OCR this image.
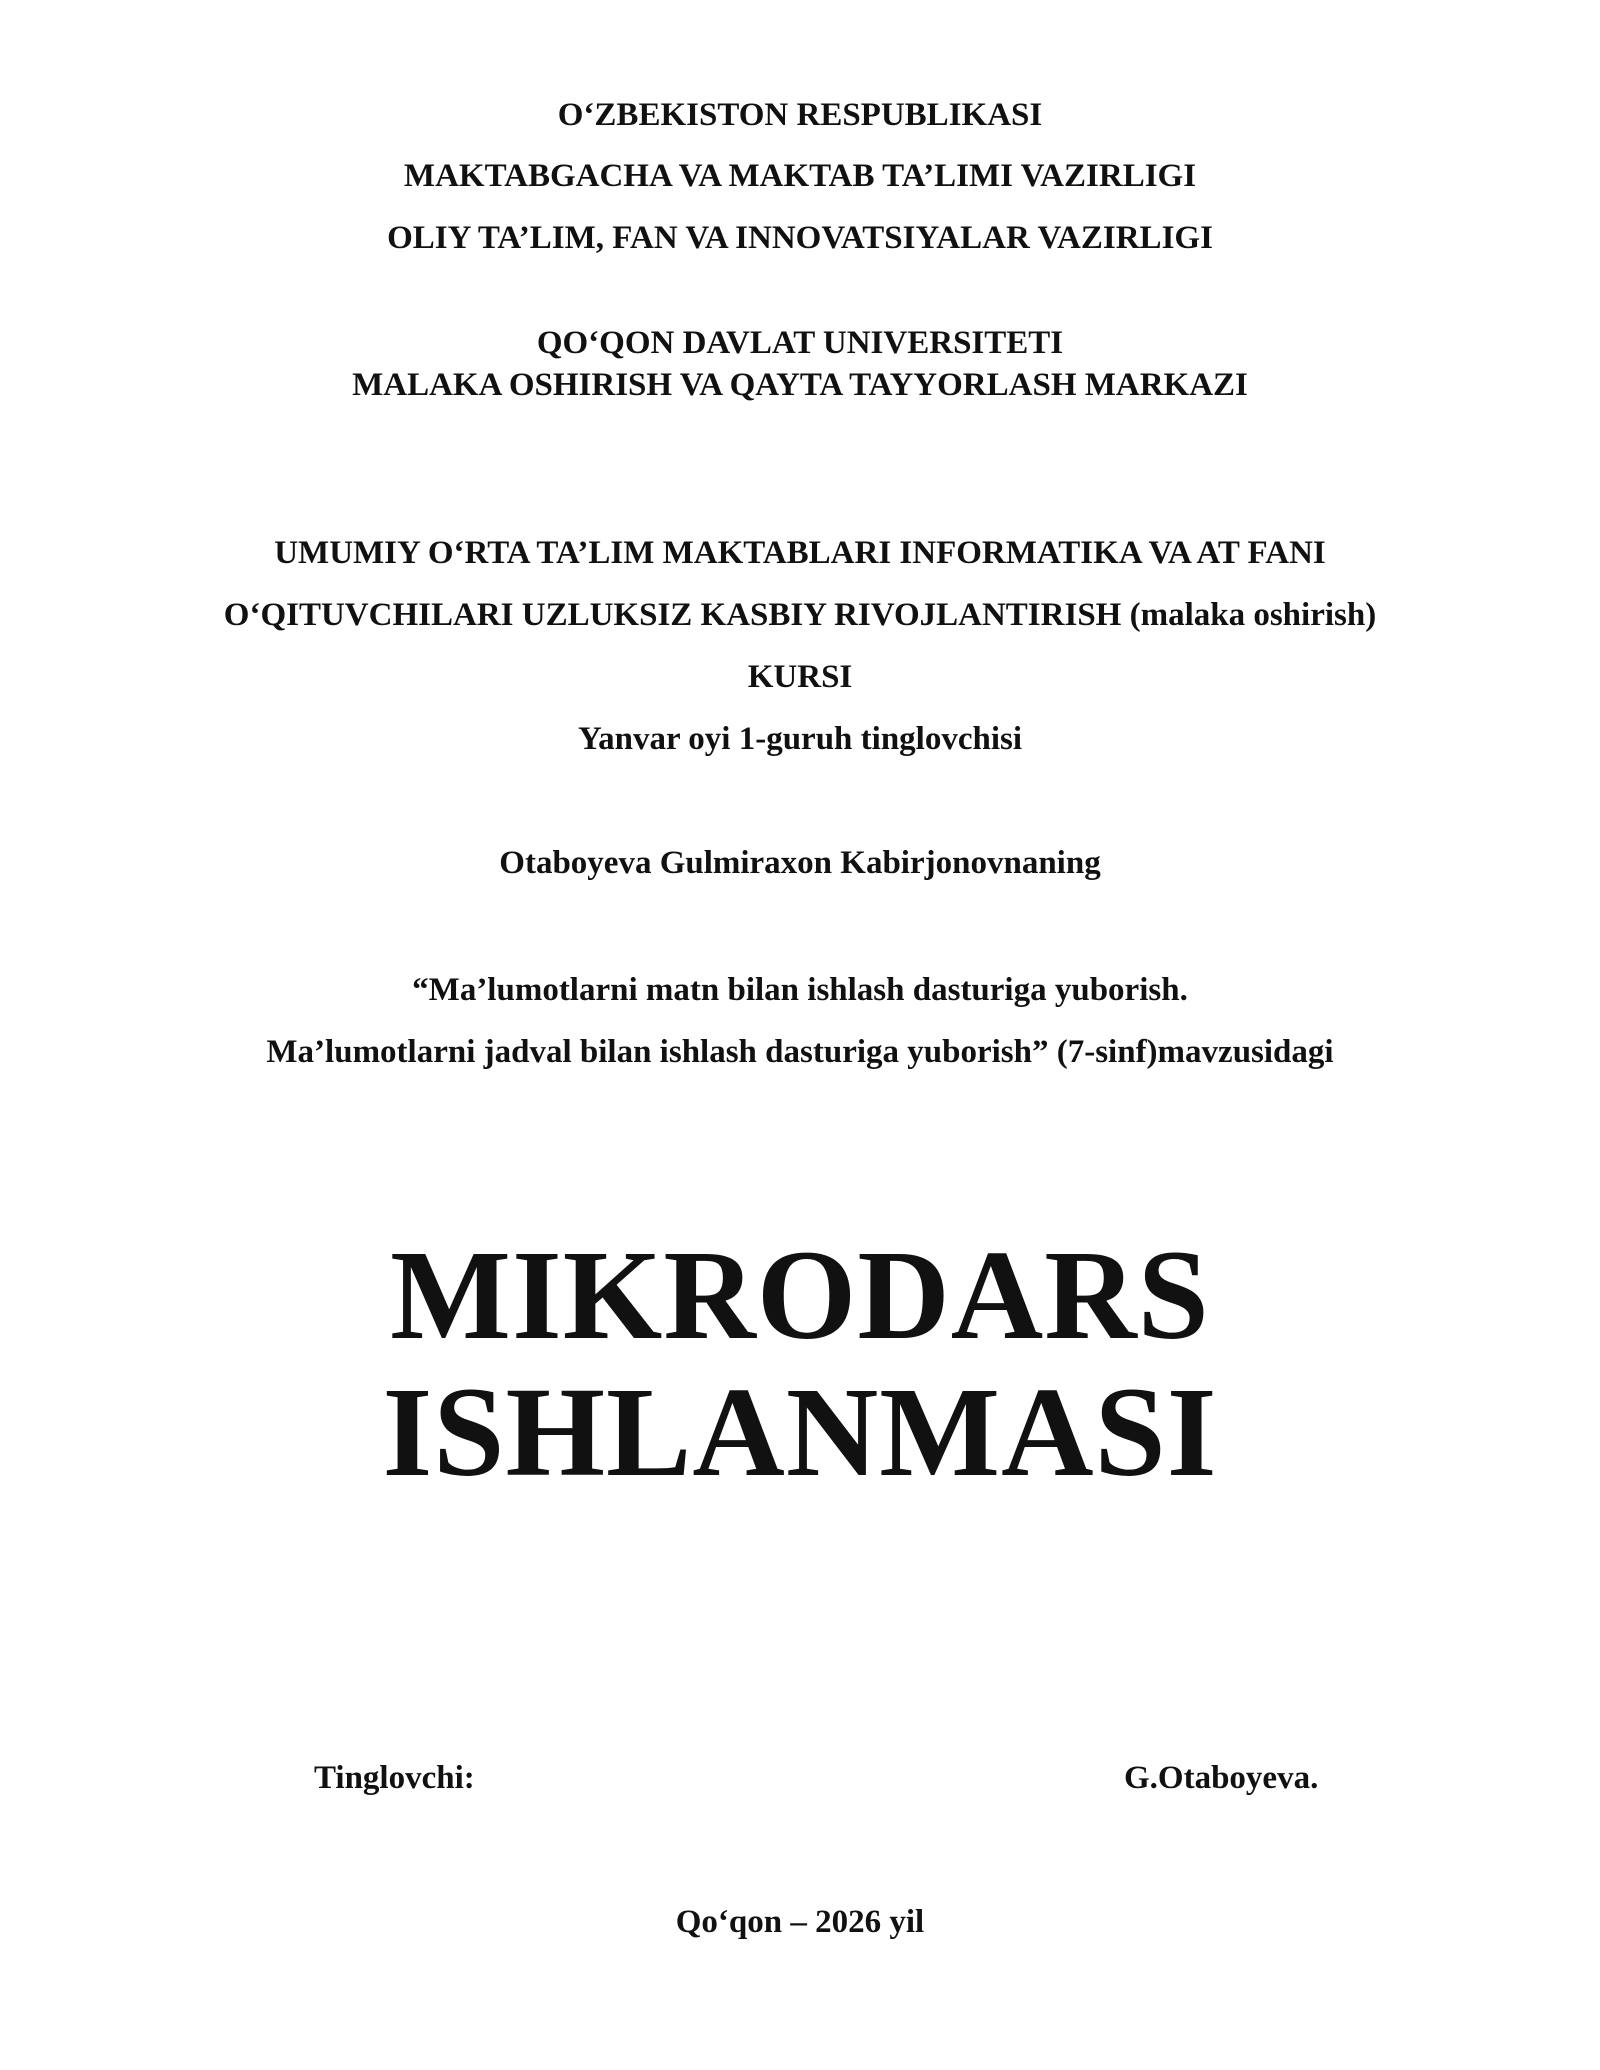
O‘ZBEKISTON RESPUBLIKASI
MAKTABGACHA VA MAKTAB TA’LIMI VAZIRLIGI
OLIY TA’LIM, FAN VA INNOVATSIYALAR VAZIRLIGI
QO‘QON DAVLAT UNIVERSITETI
MALAKA OSHIRISH VA QAYTA TAYYORLASH MARKAZI
UMUMIY O‘RTA TA’LIM MAKTABLARI INFORMATIKA VA AT FANI
O‘QITUVCHILARI UZLUKSIZ KASBIY RIVOJLANTIRISH (malaka oshirish)
KURSI
Yanvar oyi 1-guruh tinglovchisi
Otaboyeva Gulmiraxon Kabirjonovnaning
“Ma’lumotlarni matn bilan ishlash dasturiga yuborish.
Ma’lumotlarni jadval bilan ishlash dasturiga yuborish” (7-sinf)mavzusidagi
MIKRODARS
ISHLANMASI
Tinglovchi:	G.Otaboyeva.
Qo‘qon – 2026 yil
